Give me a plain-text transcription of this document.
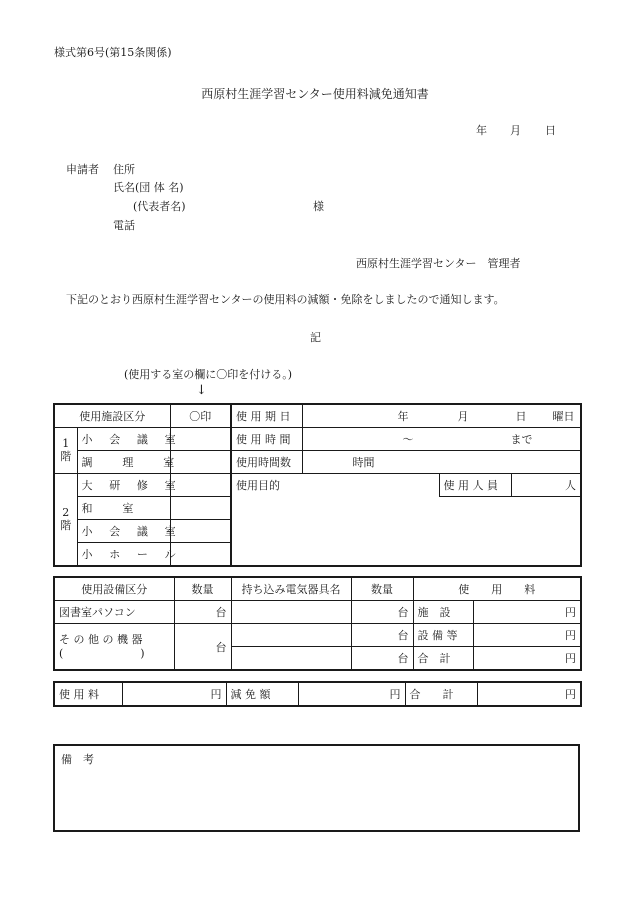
様式第6号(第15条関係)
西原村生涯学習センター使用料減免通知書
年 月 日
申請者 住所
氏名(団 体 名)
(代表者名)	様
電話
西原村生涯学習センター　管理者
下記のとおり西原村生涯学習センターの使用料の減額・免除をしましたので通知します。
記
(使用する室の欄に〇印を付ける。)
↓
使用施設区分		〇印	使 用 期 日	年 月 日 曜日		

1
階	小 会 議 室		使 用 時 間	～ まで		

	調 理 室		使用時間数	時間		

2
階	大 研 修 室		使用目的		使 用 人 員	人
	和 室					
	小 会 議 室					
	小 ホ ー ル					
使用設備区分	数量	持ち込み電気器具名	数量	使　　用　　料	
図書室パソコン	台		台	施　設	円

そ の 他 の 機 器
(　　　　　　　)	台		台	設 備 等	円
			台	合　計	円
使 用 料	円	減 免 額	円	合　　計	円
備　考
